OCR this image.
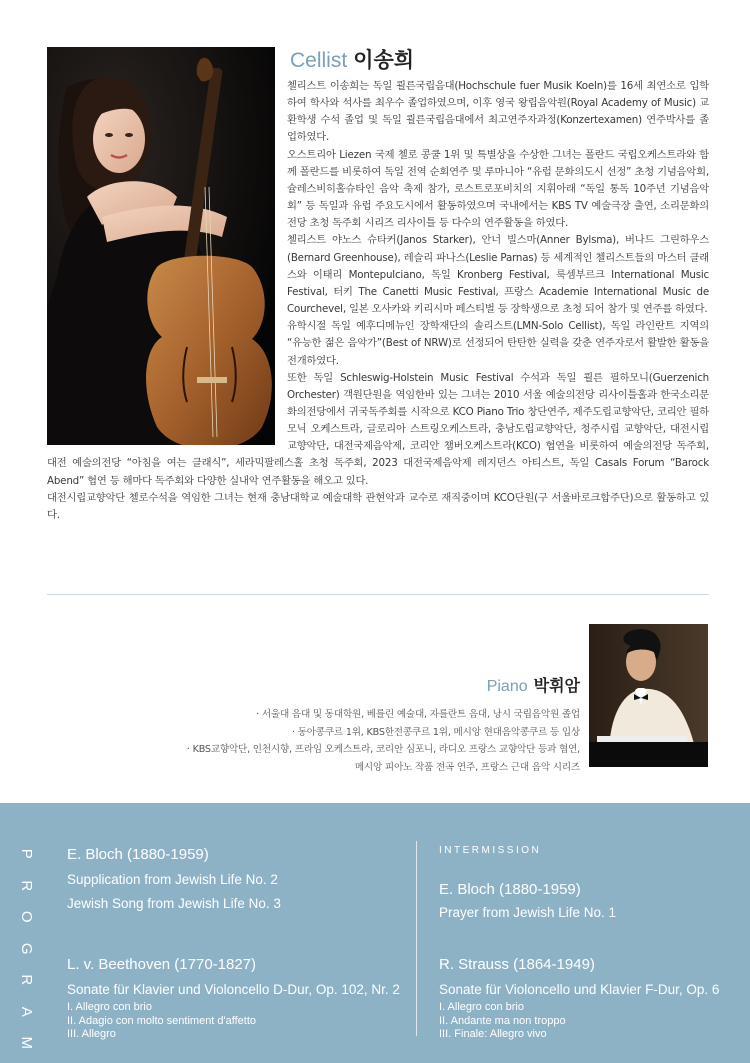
Cellist 이송희

첼리스트 이송희는 독일 쾰른국립음대(Hochschule fuer Musik Koeln)를 16세 최연소로 입학하여 학사와 석사를 최우수 졸업하였으며, 이후 영국 왕립음악원(Royal Academy of Music) 교환학생 수석 졸업 및 독일 쾰른국립음대에서 최고연주자과정(Konzertexamen) 연주박사를 졸업하였다.

오스트리아 Liezen 국제 첼로 콩쿨 1위 및 특별상을 수상한 그녀는 폴란드 국립오케스트라와 함께 폴란드를 비롯하여 독일 전역 순회연주 및 루마니아 “유럽 문화의도시 선정” 초청 기념음악회, 슐레스비히홀슈타인 음악 축제 참가, 로스트로포비치의 지휘아래 “독일 통독 10주년 기념음악회” 등 독일과 유럽 주요도시에서 활동하였으며 국내에서는 KBS TV 예술극장 출연, 소리문화의전당 초청 독주회 시리즈 리사이틀 등 다수의 연주활동을 하였다.

첼리스트 야노스 슈타커(Janos Starker), 안너 빌스마(Anner Bylsma), 버나드 그린하우스(Bernard Greenhouse), 레슬리 파나스(Leslie Parnas) 등 세계적인 첼리스트들의 마스터 클래스와 이태리 Montepulciano, 독일 Kronberg Festival, 룩셈부르크 International Music Festival, 터키 The Canetti Music Festival, 프랑스 Academie International Music de Courchevel, 일본 오사카와 키리시마 페스티벌 등 장학생으로 초청 되어 참가 및 연주를 하였다.

유학시절 독일 예후디메뉴인 장학재단의 솔리스트(LMN-Solo Cellist), 독일 라인란트 지역의 “유능한 젊은 음악가”(Best of NRW)로 선정되어 탄탄한 실력을 갖춘 연주자로서 활발한 활동을 전개하였다.

또한 독일 Schleswig-Holstein Music Festival 수석과 독일 쾰른 필하모니(Guerzenich Orchester) 객원단원을 역임한바 있는 그녀는 2010 서울 예술의전당 리사이틀홀과 한국소리문화의전당에서 귀국독주회를 시작으로 KCO Piano Trio 창단연주, 제주도립교향악단, 코리안 필하모닉 오케스트라, 글로리아 스트링오케스트라, 충남도립교향악단, 청주시립 교향악단, 대전시립교향악단, 대전국제음악제, 코리안 챔버오케스트라(KCO) 협연을 비롯하여 예술의전당 독주회, 대전 예술의전당 “아침을 여는 클래식”, 세라믹팔레스홀 초청 독주회, 2023 대전국제음악제 레지던스 아티스트, 독일 Casals Forum “Barock Abend” 협연 등 해마다 독주회와 다양한 실내악 연주활동을 해오고 있다.

대전시립교향악단 첼로수석을 역임한 그녀는 현재 충남대학교 예술대학 관현악과 교수로 재직중이며 KCO단원(구 서울바로크합주단)으로 활동하고 있다.

Piano 박휘암
· 서울대 음대 및 동대학원, 베를린 예술대, 자를란트 음대, 낭시 국립음악원 졸업
· 동아콩쿠르 1위, KBS한전콩쿠르 1위, 메시앙 현대음악콩쿠르 등 입상
· KBS교향악단, 인천시향, 프라임 오케스트라, 코리안 심포니, 라디오 프랑스 교향악단 등과 협연,
메시앙 피아노 작품 전곡 연주, 프랑스 근대 음악 시리즈
P
R
O
G
R
A
M
E. Bloch (1880-1959)
Supplication from Jewish Life No. 2
Jewish Song from Jewish Life No. 3
L. v. Beethoven (1770-1827)
Sonate für Klavier und Violoncello D-Dur, Op. 102, Nr. 2
I. Allegro con brio
II. Adagio con molto sentiment d'affetto
III. Allegro
INTERMISSION
E. Bloch (1880-1959)
Prayer from Jewish Life No. 1
R. Strauss (1864-1949)
Sonate für Violoncello und Klavier F-Dur, Op. 6
I. Allegro con brio
II. Andante ma non troppo
III. Finale: Allegro vivo
